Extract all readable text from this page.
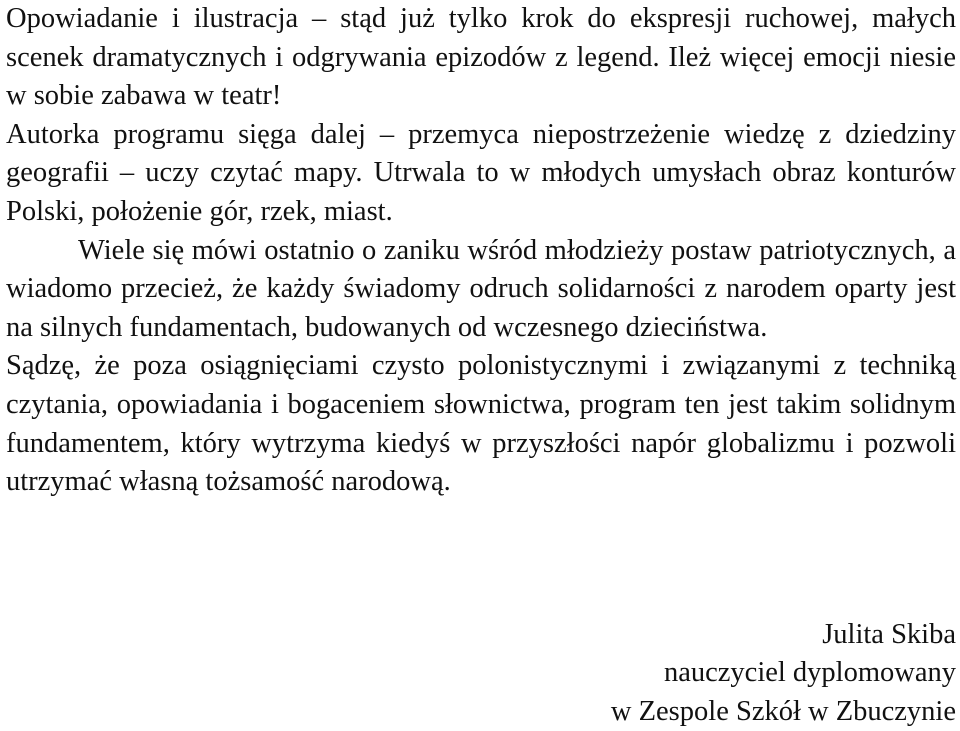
Opowiadanie i ilustracja – stąd już tylko krok do ekspresji ruchowej, małych scenek dramatycznych i odgrywania epizodów z legend. Ileż więcej emocji niesie w sobie zabawa w teatr!

Autorka programu sięga dalej – przemyca niepostrzeżenie wiedzę z dziedziny geografii – uczy czytać mapy. Utrwala to w młodych umysłach obraz konturów Polski, położenie gór, rzek, miast.

Wiele się mówi ostatnio o zaniku wśród młodzieży postaw patriotycznych, a wiadomo przecież, że każdy świadomy odruch solidarności z narodem oparty jest na silnych fundamentach, budowanych od wczesnego dzieciństwa.

Sądzę, że poza osiągnięciami czysto polonistycznymi i związanymi z techniką czytania, opowiadania i bogaceniem słownictwa, program ten jest takim solidnym fundamentem, który wytrzyma kiedyś w przyszłości napór globalizmu i pozwoli utrzymać własną tożsamość narodową.

Julita Skiba
nauczyciel dyplomowany
w Zespole Szkół w Zbuczynie
